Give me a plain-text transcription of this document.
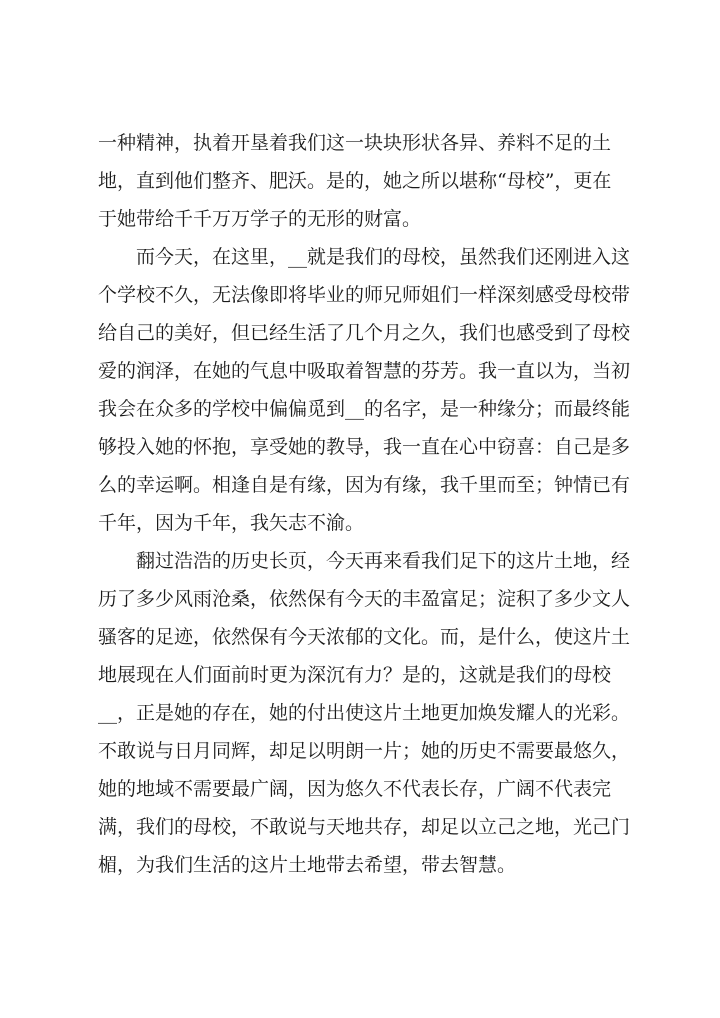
一种精神，执着开垦着我们这一块块形状各异、养料不足的土
地，直到他们整齐、肥沃。是的，她之所以堪称“母校”，更在
于她带给千千万万学子的无形的财富。
　　而今天，在这里，__就是我们的母校，虽然我们还刚进入这
个学校不久，无法像即将毕业的师兄师姐们一样深刻感受母校带
给自己的美好，但已经生活了几个月之久，我们也感受到了母校
爱的润泽，在她的气息中吸取着智慧的芬芳。我一直以为，当初
我会在众多的学校中偏偏觅到__的名字，是一种缘分；而最终能
够投入她的怀抱，享受她的教导，我一直在心中窃喜：自己是多
么的幸运啊。相逢自是有缘，因为有缘，我千里而至；钟情已有
千年，因为千年，我矢志不渝。
　　翻过浩浩的历史长页，今天再来看我们足下的这片土地，经
历了多少风雨沧桑，依然保有今天的丰盈富足；淀积了多少文人
骚客的足迹，依然保有今天浓郁的文化。而，是什么，使这片土
地展现在人们面前时更为深沉有力？是的，这就是我们的母校
__，正是她的存在，她的付出使这片土地更加焕发耀人的光彩。
不敢说与日月同辉，却足以明朗一片；她的历史不需要最悠久，
她的地域不需要最广阔，因为悠久不代表长存，广阔不代表完
满，我们的母校，不敢说与天地共存，却足以立己之地，光己门
楣，为我们生活的这片土地带去希望，带去智慧。
